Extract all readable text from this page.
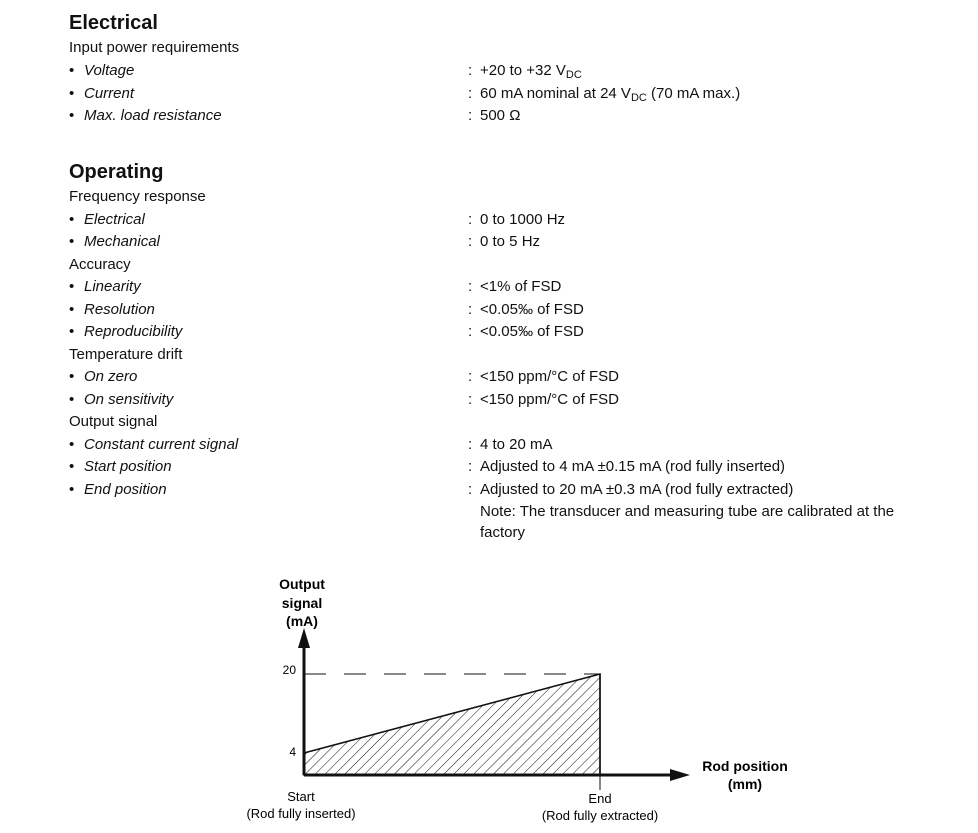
Electrical
Input power requirements
• Voltage	: +20 to +32 $V_{DC}$
• Current	: 60 mA nominal at 24 $V_{DC}$ (70 mA max.)
• Max. load resistance	: 500 Ω
Operating
Frequency response
• Electrical	: 0 to 1000 Hz
• Mechanical	: 0 to 5 Hz
Accuracy
• Linearity	: <1% of FSD
• Resolution	: <0.05‰ of FSD
• Reproducibility	: <0.05‰ of FSD
Temperature drift
• On zero	: <150 ppm/°C of FSD
• On sensitivity	: <150 ppm/°C of FSD
Output signal
• Constant current signal	: 4 to 20 mA
• Start position	: Adjusted to 4 mA ±0.15 mA (rod fully inserted)
• End position	: Adjusted to 20 mA ±0.3 mA (rod fully extracted)
Note: The transducer and measuring tube are calibrated at the factory
20
4
Output
signal
(mA)
Rod position
(mm)
Start
(Rod fully inserted)
End
(Rod fully extracted)
